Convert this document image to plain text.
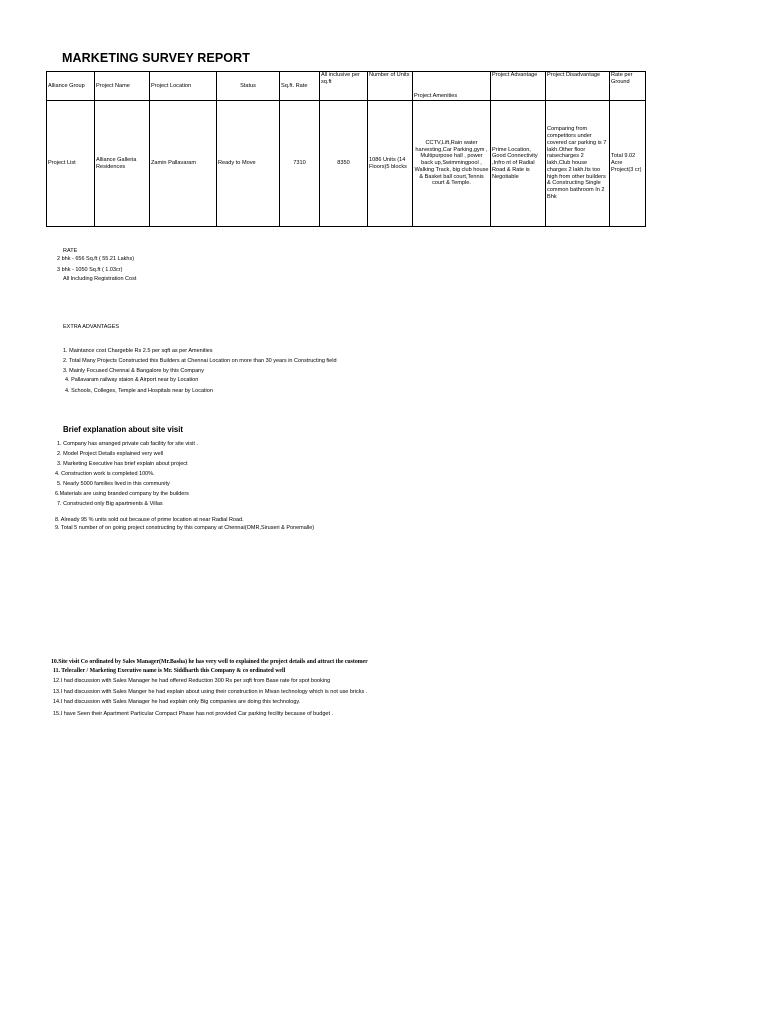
MARKETING SURVEY REPORT
Alliance Group	Project Name	Project Location	Status	Sq.ft. Rate	All inclusive per sq.ft	Number of Units	Project Amenities	Project Advantage	Project Disadvantage	Rate per Ground
Project List	Alliance Galleria Residences	Zamin Pallavaram	Ready to Move	7310	8350	1086 Units (14 Floors)5 blocks	CCTV,Lift,Rain water harvesting,Car Parking,gym , Multipurpose hall , power back up,Swimmingpool , Walking Track, big club house & Basket ball court,Tennis court & Temple.	Prime Location, Good Connectivity ,Infro nt of Radial Road & Rate is Negotiable	Comparing from competitors under covered car parking is 7 lakh.Other floor raisecharges 2 lakh,Club house charges 2 lakh.Its too high from other builders & Constructing Single common bathroom In 2 Bhk	Total 9.02 Acre Project(3 cr)
RATE
2 bhk - 656 Sq.ft ( 55.21 Lakhs)
3 bhk - 1050 Sq.ft ( 1.03cr)
All Including Registration Cost
EXTRA ADVANTAGES
1. Maintance cost Chargeble Rs 2.5 per sqft as per Amenities
2. Total Many Projects Constructed this Builders at Chennai Location on more than 30 years in Constructing field
3. Mainly Focused Chennai & Bangalore by this Company
4. Pallavaram railway staion & Airport near by Location
4. Schools, Colleges, Temple and Hospitals near by Location
Brief explanation about site visit
1. Company has arranged private cab facility for site visit .
2. Model Project Details explained very well
3. Marketing Executive has brief explain about project
4. Construction work is completed 100%.
5. Nearly 5000 families lived in this community
6.Materials are using branded company by the builders
7. Constructed only Big apartments & Villas
8. Already 95 % units sold out because of prime location at near Radial Road.
9. Total 5 number of on going project constructing by this company at Chennai(OMR,Siruseri & Ponemalle)
10.Site visit Co ordinated by Sales Manager(Mr.Basha) he has very well to explained the project details and attract the customer
11. Telecaller / Marketing Executive name is Mr. Siddharth this Company & co ordinated well
12.I had discussion with Sales Manager he had offered Reduction 300 Rs per sqft from Base rate for spot booking
13.I had discussion with Sales Manger he had explain about using their construction in Mivan technology which is not use bricks .
14.I had discussion with Sales Manager he had explain only Big companies are doing this technology.
15.I have Seen their Apartment Particular Compact Phase has not provided Car parking fecility because of budget .
